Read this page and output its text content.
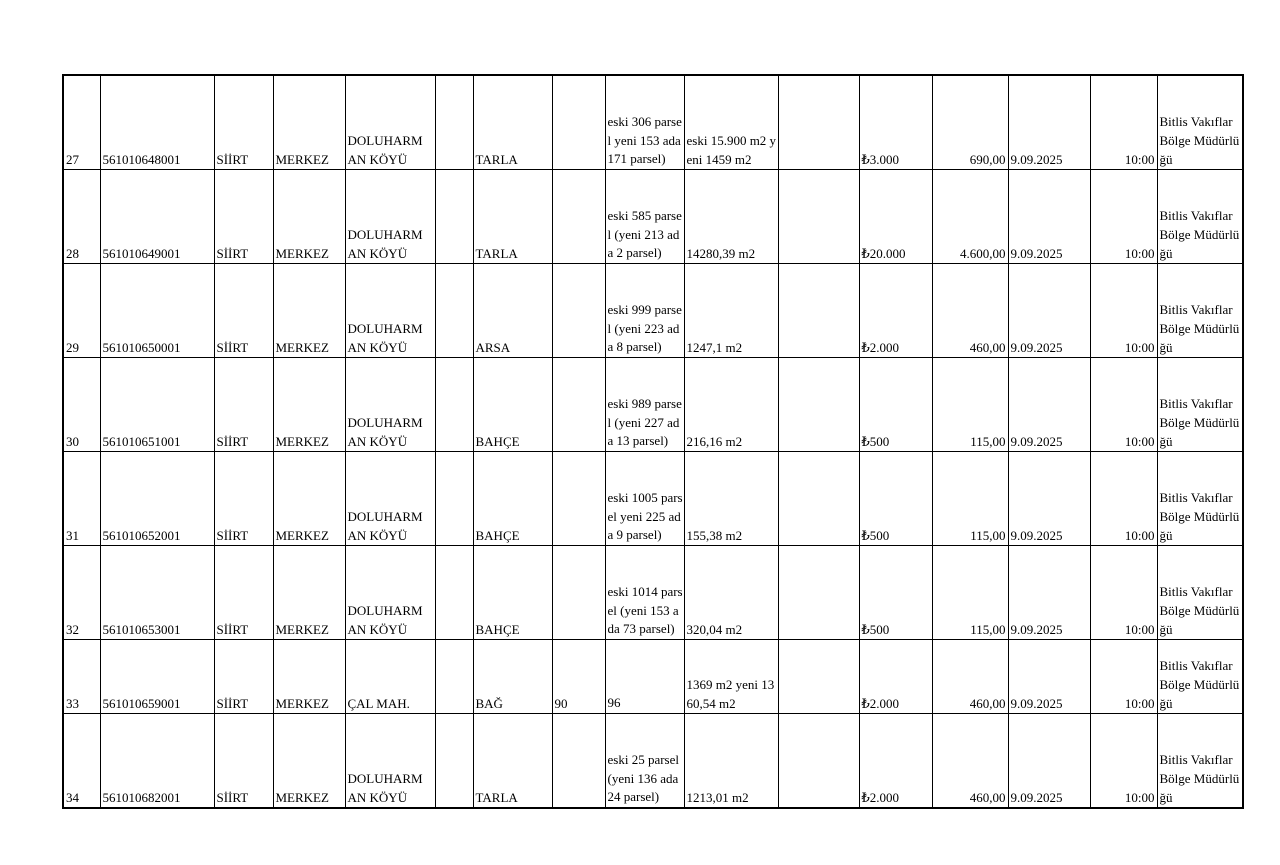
27	561010648001	SİİRT	MERKEZ	DOLUHARM AN KÖYÜ		TARLA		eski 306 parsel yeni 153 ada171 parsel)	eski 15.900 m2 yeni 1459 m2		₺3.000	690,00	9.09.2025	10:00	Bitlis Vakıflar Bölge Müdürlüğü
28	561010649001	SİİRT	MERKEZ	DOLUHARM AN KÖYÜ		TARLA		eski 585 parsel (yeni 213 ada 2 parsel)	14280,39 m2		₺20.000	4.600,00	9.09.2025	10:00	Bitlis Vakıflar Bölge Müdürlüğü
29	561010650001	SİİRT	MERKEZ	DOLUHARM AN KÖYÜ		ARSA		eski 999 parsel (yeni 223 ada 8 parsel)	1247,1 m2		₺2.000	460,00	9.09.2025	10:00	Bitlis Vakıflar Bölge Müdürlüğü
30	561010651001	SİİRT	MERKEZ	DOLUHARM AN KÖYÜ		BAHÇE		eski 989 parsel (yeni 227 ada 13 parsel)	216,16 m2		₺500	115,00	9.09.2025	10:00	Bitlis Vakıflar Bölge Müdürlüğü
31	561010652001	SİİRT	MERKEZ	DOLUHARM AN KÖYÜ		BAHÇE		eski 1005 parsel yeni 225 ada 9 parsel)	155,38 m2		₺500	115,00	9.09.2025	10:00	Bitlis Vakıflar Bölge Müdürlüğü
32	561010653001	SİİRT	MERKEZ	DOLUHARM AN KÖYÜ		BAHÇE		eski 1014 parsel (yeni 153 ada 73 parsel)	320,04 m2		₺500	115,00	9.09.2025	10:00	Bitlis Vakıflar Bölge Müdürlüğü
33	561010659001	SİİRT	MERKEZ	ÇAL MAH.		BAĞ	90	96	1369 m2 yeni 1360,54 m2		₺2.000	460,00	9.09.2025	10:00	Bitlis Vakıflar Bölge Müdürlüğü
34	561010682001	SİİRT	MERKEZ	DOLUHARM AN KÖYÜ		TARLA		eski 25 parsel (yeni 136 ada 24 parsel)	1213,01 m2		₺2.000	460,00	9.09.2025	10:00	Bitlis Vakıflar Bölge Müdürlüğü
